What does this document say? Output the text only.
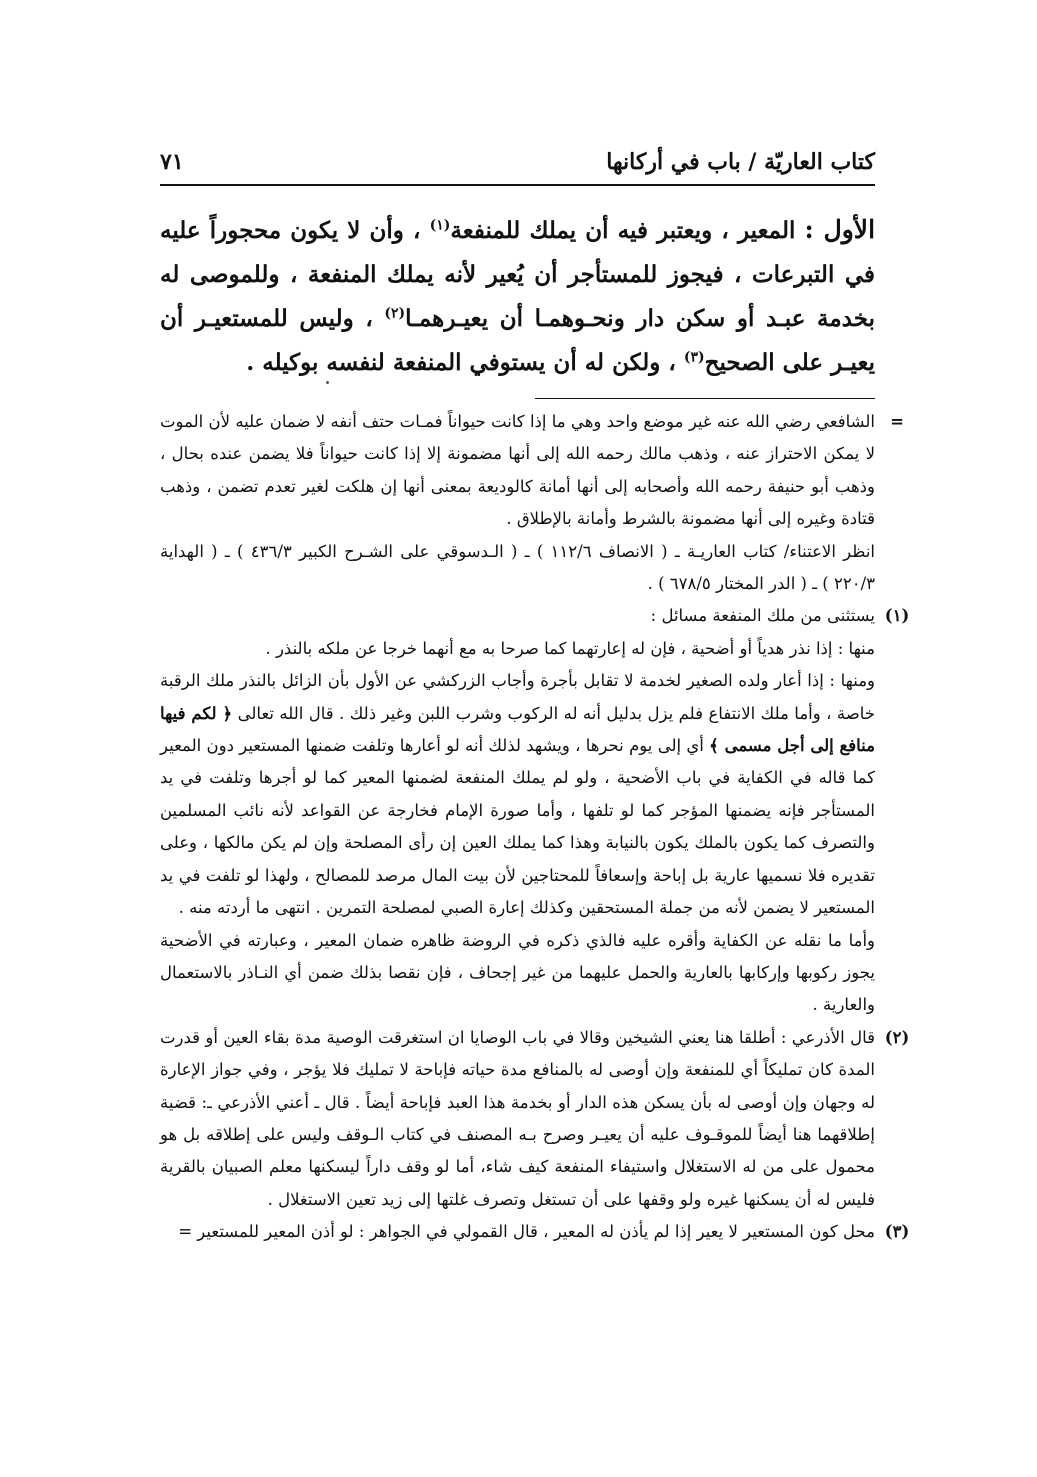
كتاب العاريّة / باب في أركانها
٧١

الأول : المعير ، ويعتبر فيه أن يملك للمنفعة$^{(١)}$ ، وأن لا يكون محجوراً عليه في التبرعات ، فيجوز للمستأجر أن يُعير لأنه يملك المنفعة ، وللموصى له بخدمة عبـد أو سكن دار ونحـوهمـا أن يعيـرهمـا$^{(٢)}$ ، وليس للمستعيـر أن يعيـر على الصحيح$^{(٣)}$ ، ولكن له أن يستوفي المنفعة لنفسه بوكيله .

=

الشافعي رضي الله عنه غير موضع واحد وهي ما إذا كانت حيواناً فمـات حتف أنفه لا ضمان عليه لأن الموت لا يمكن الاحتراز عنه ، وذهب مالك رحمه الله إلى أنها مضمونة إلا إذا كانت حيواناً فلا يضمن عنده بحال ، وذهب أبو حنيفة رحمه الله وأصحابه إلى أنها أمانة كالوديعة بمعنى أنها إن هلكت لغير تعدم تضمن ، وذهب قتادة وغيره إلى أنها مضمونة بالشرط وأمانة بالإطلاق .

انظر الاعتناء/ كتاب العاريـة ـ ( الانصاف ١١٢/٦ ) ـ ( الـدسوقي على الشـرح الكبير ٤٣٦/٣ ) ـ ( الهداية ٢٢٠/٣ ) ـ ( الدر المختار ٦٧٨/٥ ) .

(١)

يستثنى من ملك المنفعة مسائل :

منها : إذا نذر هدياً أو أضحية ، فإن له إعارتهما كما صرحا به مع أنهما خرجا عن ملكه بالنذر .

ومنها : إذا أعار ولده الصغير لخدمة لا تقابل بأجرة وأجاب الزركشي عن الأول بأن الزائل بالنذر ملك الرقبة خاصة ، وأما ملك الانتفاع فلم يزل بدليل أنه له الركوب وشرب اللبن وغير ذلك . قال الله تعالى ﴿ لكم فيها منافع إلى أجل مسمى ﴾ أي إلى يوم نحرها ، ويشهد لذلك أنه لو أعارها وتلفت ضمنها المستعير دون المعير كما قاله في الكفاية في باب الأضحية ، ولو لم يملك المنفعة لضمنها المعير كما لو أجرها وتلفت في يد المستأجر فإنه يضمنها المؤجر كما لو تلفها ، وأما صورة الإمام فخارجة عن القواعد لأنه نائب المسلمين والتصرف كما يكون بالملك يكون بالنيابة وهذا كما يملك العين إن رأى المصلحة وإن لم يكن مالكها ، وعلى تقديره فلا نسميها عارية بل إباحة وإسعافاً للمحتاجين لأن بيت المال مرصد للمصالح ، ولهذا لو تلفت في يد المستعير لا يضمن لأنه من جملة المستحقين وكذلك إعارة الصبي لمصلحة التمرين . انتهى ما أردته منه .

وأما ما نقله عن الكفاية وأقره عليه فالذي ذكره في الروضة ظاهره ضمان المعير ، وعبارته في الأضحية يجوز ركوبها وإركابها بالعارية والحمل عليهما من غير إجحاف ، فإن نقصا بذلك ضمن أي النـاذر بالاستعمال والعارية .

(٢)

قال الأذرعي : أطلقا هنا يعني الشيخين وقالا في باب الوصايا ان استغرقت الوصية مدة بقاء العين أو قدرت المدة كان تمليكاً أي للمنفعة وإن أوصى له بالمنافع مدة حياته فإباحة لا تمليك فلا يؤجر ، وفي جواز الإعارة له وجهان وإن أوصى له بأن يسكن هذه الدار أو بخدمة هذا العبد فإباحة أيضاً . قال ـ أعني الأذرعي ـ: قضية إطلاقهما هنا أيضاً للموقـوف عليه أن يعيـر وصرح بـه المصنف في كتاب الـوقف وليس على إطلاقه بل هو محمول على من له الاستغلال واستيفاء المنفعة كيف شاء، أما لو وقف داراً ليسكنها معلم الصبيان بالقرية فليس له أن يسكنها غيره ولو وقفها على أن تستغل وتصرف غلتها إلى زيد تعين الاستغلال .

(٣)

محل كون المستعير لا يعير إذا لم يأذن له المعير ، قال القمولي في الجواهر : لو أذن المعير للمستعير =
